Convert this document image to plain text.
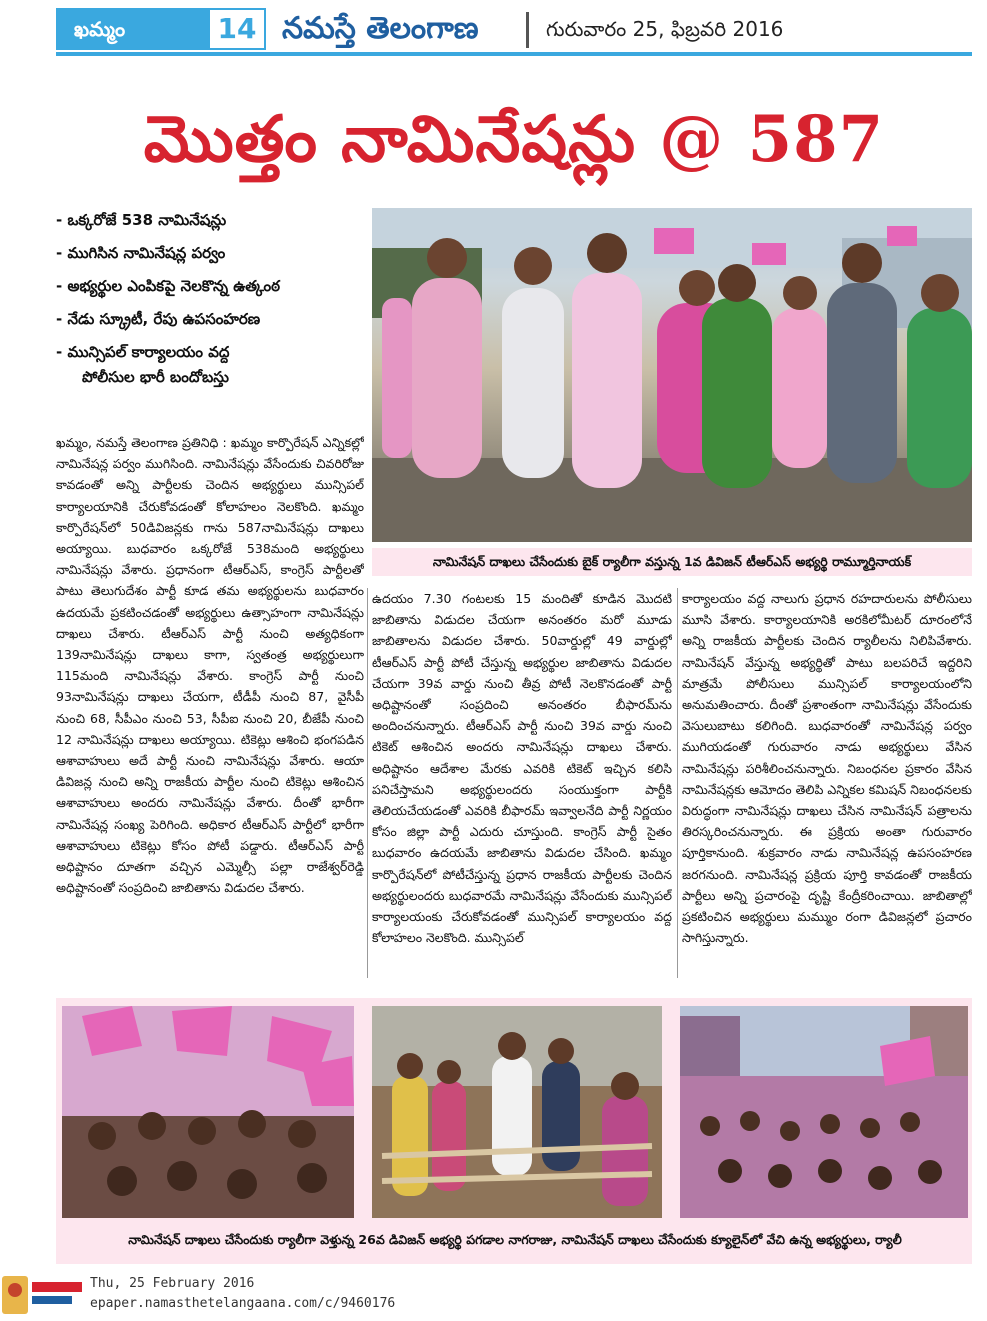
ఖమ్మం	14 నమస్తే తెలంగాణ	గురువారం 25, ఫిబ్రవరి 2016
మొత్తం నామినేషన్లు @ 587
- ఒక్కరోజే 538 నామినేషన్లు
- ముగిసిన నామినేషన్ల పర్వం
- అభ్యర్థుల ఎంపికపై నెలకొన్న ఉత్కంఠ
- నేడు స్క్రూటీ, రేపు ఉపసంహరణ
- మున్సిపల్ కార్యాలయం వద్ద
పోలీసుల భారీ బందోబస్తు
నామినేషన్ దాఖలు చేసేందుకు బైక్ ర్యాలీగా వస్తున్న 1వ డివిజన్ టీఆర్ఎస్ అభ్యర్థి రామ్మూర్తినాయక్
ఖమ్మం, నమస్తే తెలంగాణ ప్రతినిధి : ఖమ్మం కార్పొరేషన్ ఎన్నికల్లో నామినేషన్ల పర్వం ముగిసింది. నామినేషన్లు వేసేందుకు చివరిరోజు కావడంతో అన్ని పార్టీలకు చెందిన అభ్యర్థులు మున్సిపల్ కార్యాలయానికి చేరుకోవడంతో కోలాహలం నెలకొంది. ఖమ్మం కార్పొరేషన్‌లో 50డివిజన్లకు గాను 587నామినేషన్లు దాఖలు అయ్యాయి. బుధవారం ఒక్కరోజే 538మంది అభ్యర్థులు నామినేషన్లు వేశారు. ప్రధానంగా టీఆర్ఎస్, కాంగ్రెస్ పార్టీలతో పాటు తెలుగుదేశం పార్టీ కూడ తమ అభ్యర్థులను బుధవారం ఉదయమే ప్రకటించడంతో అభ్యర్థులు ఉత్సాహంగా నామినేషన్లు దాఖలు చేశారు. టీఆర్ఎస్ పార్టీ నుంచి అత్యధికంగా 139నామినేషన్లు దాఖలు కాగా, స్వతంత్ర అభ్యర్థులుగా 115మంది నామినేషన్లు వేశారు. కాంగ్రెస్ పార్టీ నుంచి 93నామినేషన్లు దాఖలు చేయగా, టీడీపీ నుంచి 87, వైసీపీ నుంచి 68, సీపీఎం నుంచి 53, సీపీఐ నుంచి 20, బీజేపీ నుంచి 12 నామినేషన్లు దాఖలు అయ్యాయి. టికెట్లు ఆశించి భంగపడిన ఆశావాహులు అదే పార్టీ నుంచి నామినేషన్లు వేశారు. ఆయా డివిజన్ల నుంచి అన్ని రాజకీయ పార్టీల నుంచి టికెట్లు ఆశించిన ఆశావాహులు అందరు నామినేషన్లు వేశారు. దీంతో భారీగా నామినేషన్ల సంఖ్య పెరిగింది. అధికార టీఆర్ఎస్ పార్టీలో భారీగా ఆశావాహులు టికెట్లు కోసం పోటీ పడ్డారు. టీఆర్ఎస్ పార్టీ అధిష్టానం దూతగా వచ్చిన ఎమ్మెల్సీ పల్లా రాజేశ్వర్‌రెడ్డి అధిష్టానంతో సంప్రదించి జాబితాను విడుదల చేశారు.
ఉదయం 7.30 గంటలకు 15 మందితో కూడిన మొదటి జాబితాను విడుదల చేయగా అనంతరం మరో మూడు జాబితాలను విడుదల చేశారు. 50వార్డుల్లో 49 వార్డుల్లో టీఆర్ఎస్ పార్టీ పోటీ చేస్తున్న అభ్యర్థుల జాబితాను విడుదల చేయగా 39వ వార్డు నుంచి తీవ్ర పోటీ నెలకొనడంతో పార్టీ అధిష్టానంతో సంప్రదించి అనంతరం బీఫారమ్‌ను అందించనున్నారు. టీఆర్ఎస్ పార్టీ నుంచి 39వ వార్డు నుంచి టికెట్ ఆశించిన అందరు నామినేషన్లు దాఖలు చేశారు. అధిష్టానం ఆదేశాల మేరకు ఎవరికి టికెట్ ఇచ్చిన కలిసి పనిచేస్తామని అభ్యర్థులందరు సంయుక్తంగా పార్టీకి తెలియచేయడంతో ఎవరికి బీఫారమ్ ఇవ్వాలనేది పార్టీ నిర్ణయం కోసం జిల్లా పార్టీ ఎదురు చూస్తుంది. కాంగ్రెస్ పార్టీ సైతం బుధవారం ఉదయమే జాబితాను విడుదల చేసింది. ఖమ్మం కార్పొరేషన్‌లో పోటీచేస్తున్న ప్రధాన రాజకీయ పార్టీలకు చెందిన అభ్యర్థులందరు బుధవారమే నామినేషన్లు వేసేందుకు మున్సిపల్ కార్యాలయంకు చేరుకోవడంతో మున్సిపల్ కార్యాలయం వద్ద కోలాహలం నెలకొంది. మున్సిపల్
కార్యాలయం వద్ద నాలుగు ప్రధాన రహదారులను పోలీసులు మూసి వేశారు. కార్యాలయానికి అరకిలోమీటర్ దూరంలోనే అన్ని రాజకీయ పార్టీలకు చెందిన ర్యాలీలను నిలిపివేశారు. నామినేషన్ వేస్తున్న అభ్యర్థితో పాటు బలపరిచే ఇద్దరిని మాత్రమే పోలీసులు మున్సిపల్ కార్యాలయంలోని అనుమతించారు. దీంతో ప్రశాంతంగా నామినేషన్లు వేసేందుకు వెసులుబాటు కలిగింది. బుధవారంతో నామినేషన్ల పర్వం ముగియడంతో గురువారం నాడు అభ్యర్థులు వేసిన నామినేషన్లు పరిశీలించనున్నారు. నిబంధనల ప్రకారం వేసిన నామినేషన్లకు ఆమోదం తెలిపి ఎన్నికల కమిషన్ నిబంధనలకు విరుద్ధంగా నామినేషన్లు దాఖలు చేసిన నామినేషన్ పత్రాలను తిరస్కరించనున్నారు. ఈ ప్రక్రియ అంతా గురువారం పూర్తికానుంది. శుక్రవారం నాడు నామినేషన్ల ఉపసంహరణ జరగనుంది. నామినేషన్ల ప్రక్రియ పూర్తి కావడంతో రాజకీయ పార్టీలు అన్ని ప్రచారంపై దృష్టి కేంద్రీకరించాయి. జాబితాల్లో ప్రకటించిన అభ్యర్థులు మమ్ముం రంగా డివిజన్లలో ప్రచారం సాగిస్తున్నారు.
నామినేషన్ దాఖలు చేసేందుకు ర్యాలీగా వెళ్తున్న 26వ డివిజన్ అభ్యర్థి పగడాల నాగరాజు, నామినేషన్ దాఖలు చేసేందుకు క్యూలైన్‌లో వేచి ఉన్న అభ్యర్థులు, ర్యాలీ
Thu, 25 February 2016
epaper.namasthetelangaana.com/c/9460176
